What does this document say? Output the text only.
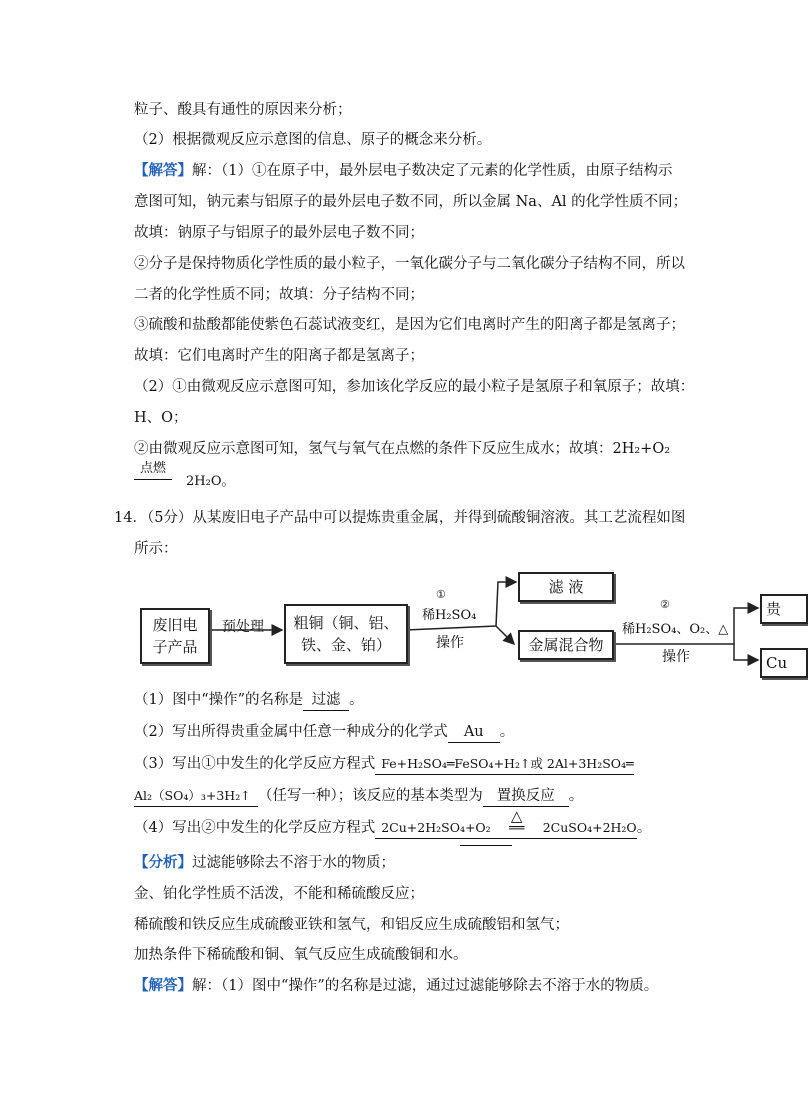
粒子、酸具有通性的原因来分析；
（2）根据微观反应示意图的信息、原子的概念来分析。
【解答】解：（1）①在原子中，最外层电子数决定了元素的化学性质，由原子结构示
意图可知，钠元素与铝原子的最外层电子数不同，所以金属 Na、Al 的化学性质不同；
故填：钠原子与铝原子的最外层电子数不同；
②分子是保持物质化学性质的最小粒子，一氧化碳分子与二氧化碳分子结构不同，所以
二者的化学性质不同；故填：分子结构不同；
③硫酸和盐酸都能使紫色石蕊试液变红，是因为它们电离时产生的阳离子都是氢离子；
故填：它们电离时产生的阳离子都是氢离子；
（2）①由微观反应示意图可知，参加该化学反应的最小粒子是氢原子和氧原子；故填：
H、O；
②由微观反应示意图可知，氢气与氧气在点燃的条件下反应生成水；故填：2H₂+O₂
点燃
2H₂O。
14．（5分）从某废旧电子产品中可以提炼贵重金属，并得到硫酸铜溶液。其工艺流程如图
所示：
废旧电
子产品
预处理	粗铜（铜、铝、
铁、金、铂）
①
稀H₂SO₄
操作
滤 液
金属混合物
②
稀H₂SO₄、O₂、△
操作
贵
Cu
（1）图中“操作”的名称是 过滤 。
（2）写出所得贵重金属中任意一种成分的化学式 Au 。
（3）写出①中发生的化学反应方程式 Fe+H₂SO₄═FeSO₄+H₂↑或 2Al+3H₂SO₄═
Al₂（SO₄）₃+3H₂↑ （任写一种）；该反应的基本类型为 置换反应 。
（4）写出②中发生的化学反应方程式 2Cu+2H₂SO₄+O₂
△
══ 2CuSO₄+2H₂O。
【分析】过滤能够除去不溶于水的物质；
金、铂化学性质不活泼，不能和稀硫酸反应；
稀硫酸和铁反应生成硫酸亚铁和氢气，和铝反应生成硫酸铝和氢气；
加热条件下稀硫酸和铜、氧气反应生成硫酸铜和水。
【解答】解：（1）图中“操作”的名称是过滤，通过过滤能够除去不溶于水的物质。
